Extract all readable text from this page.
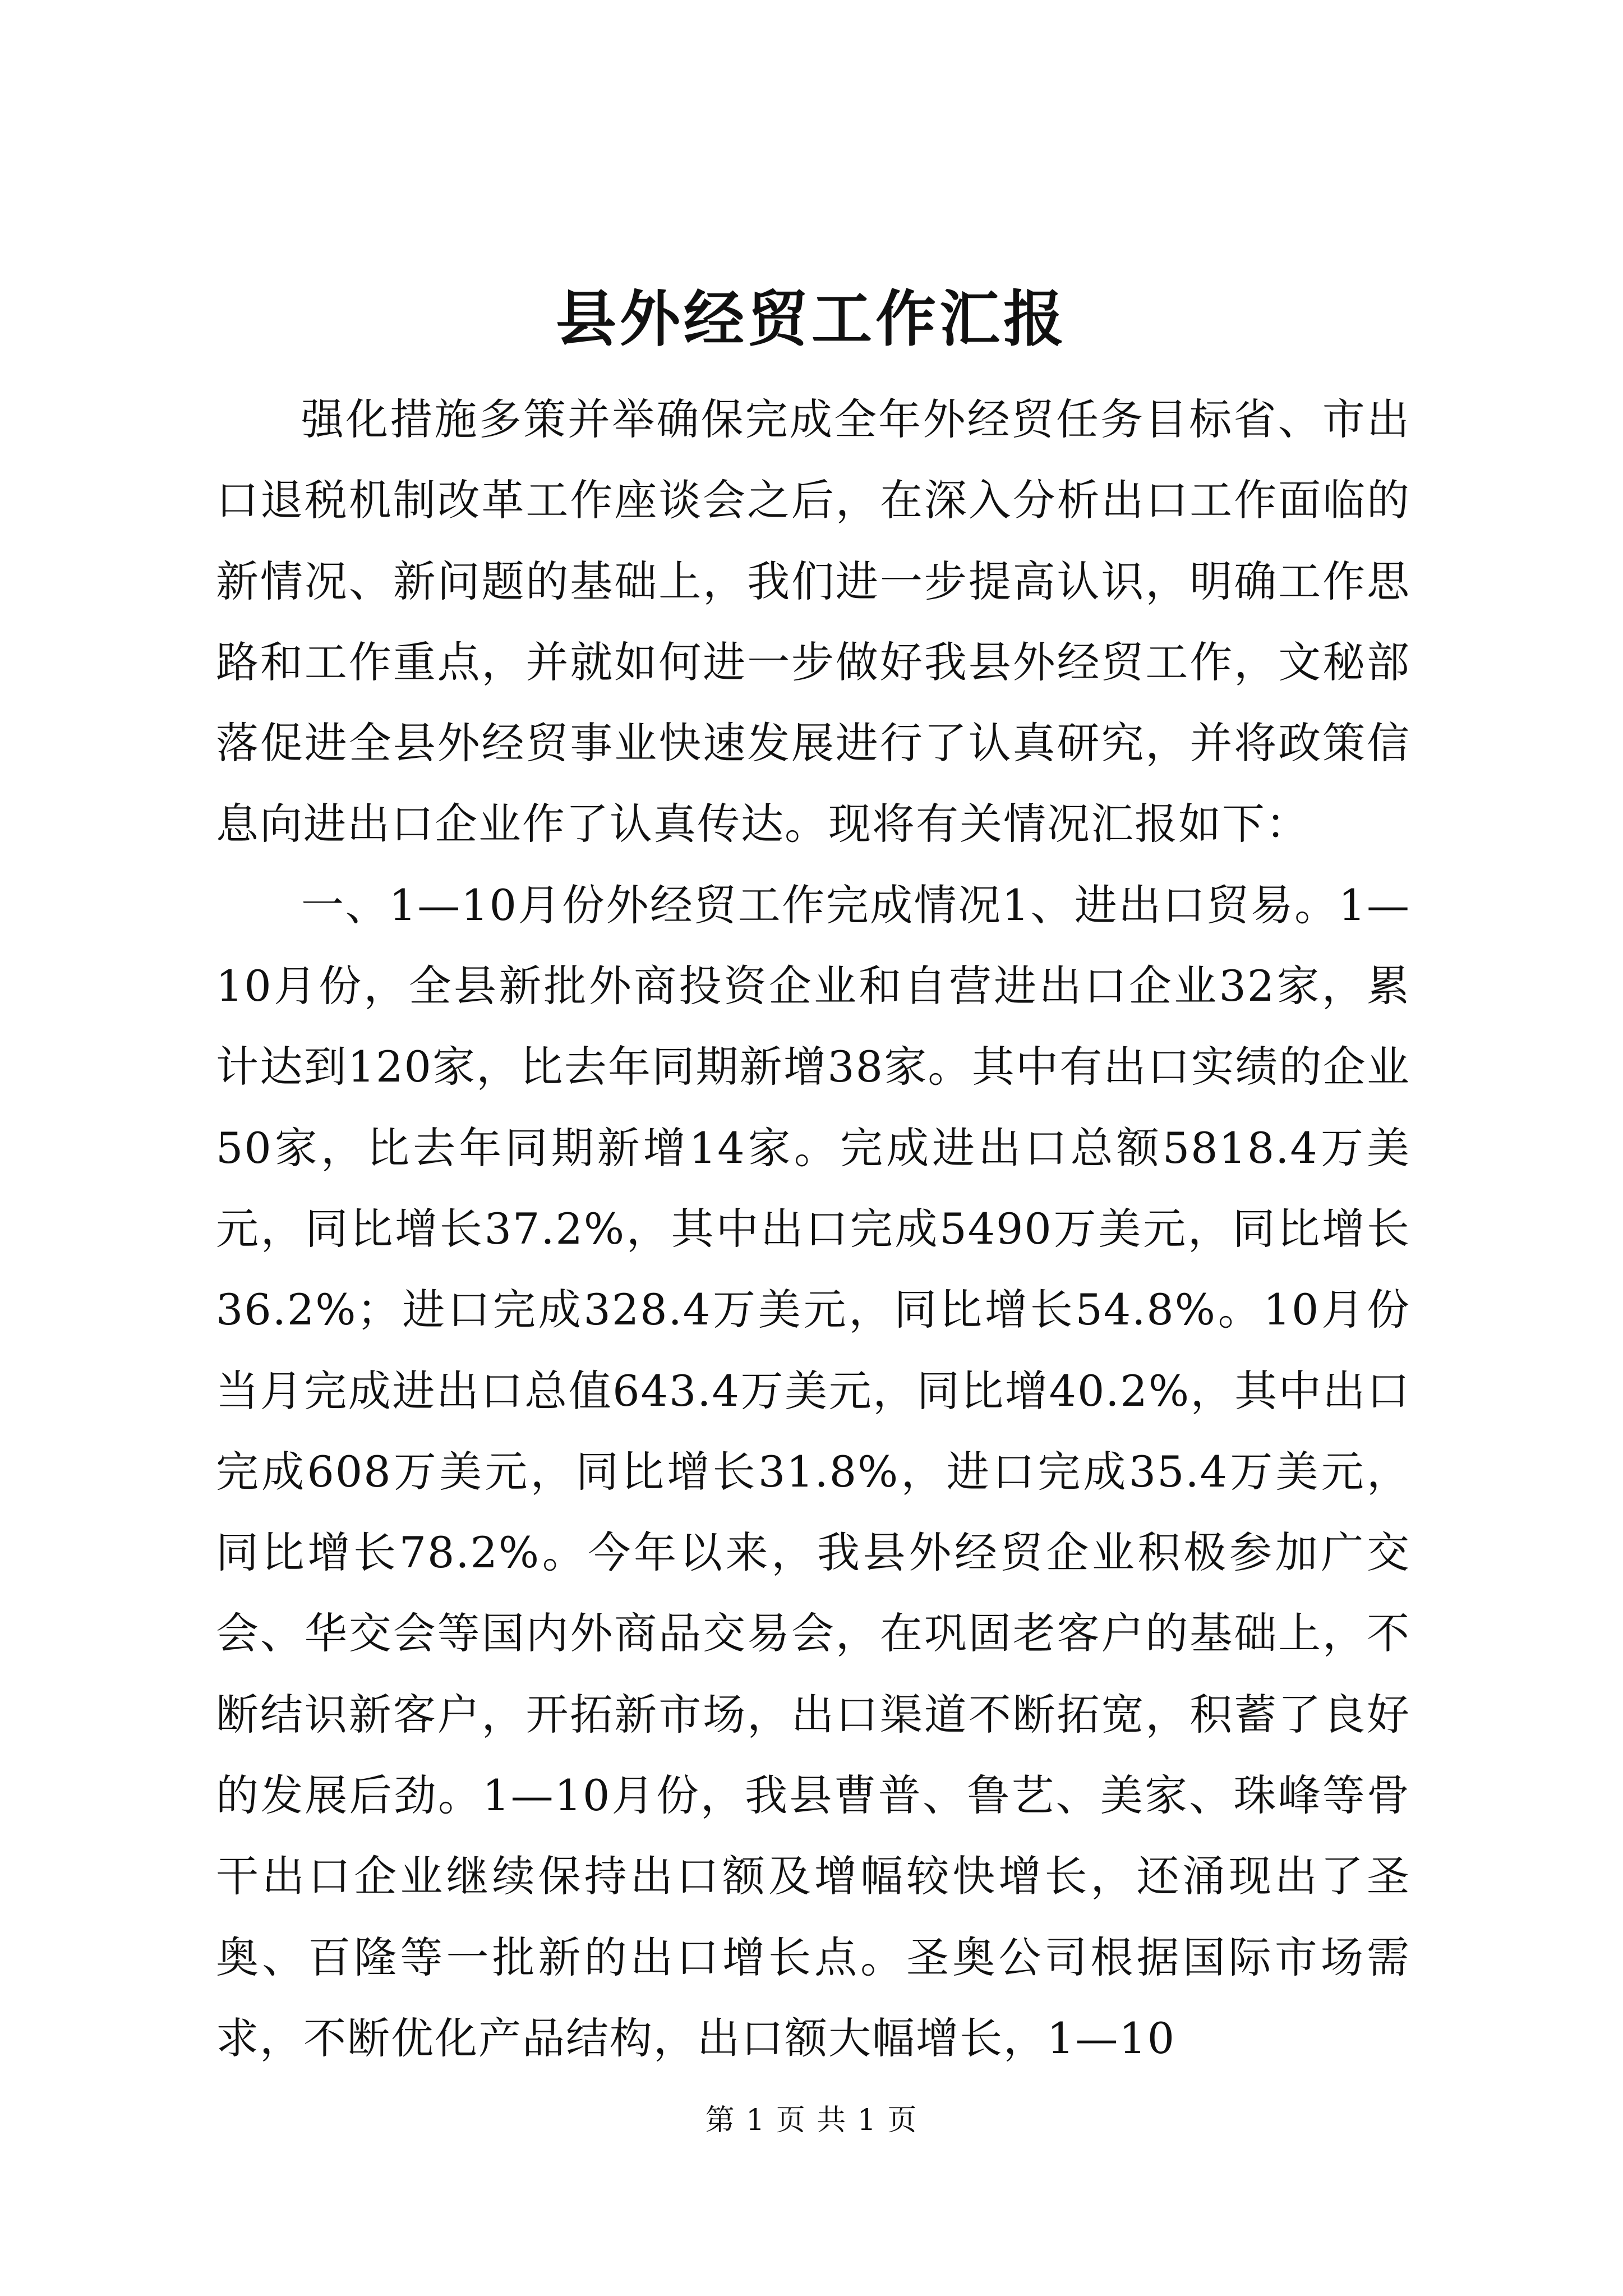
县外经贸工作汇报

强化措施多策并举确保完成全年外经贸任务目标省、市出口退税机制改革工作座谈会之后，在深入分析出口工作面临的新情况、新问题的基础上，我们进一步提高认识，明确工作思路和工作重点，并就如何进一步做好我县外经贸工作，文秘部落促进全县外经贸事业快速发展进行了认真研究，并将政策信息向进出口企业作了认真传达。现将有关情况汇报如下：

一、1—10月份外经贸工作完成情况1、进出口贸易。1—10月份，全县新批外商投资企业和自营进出口企业32家，累计达到120家，比去年同期新增38家。其中有出口实绩的企业50家，比去年同期新增14家。完成进出口总额5818.4万美元，同比增长37.2%，其中出口完成5490万美元，同比增长36.2%；进口完成328.4万美元，同比增长54.8%。10月份当月完成进出口总值643.4万美元，同比增40.2%，其中出口完成608万美元，同比增长31.8%，进口完成35.4万美元，同比增长78.2%。今年以来，我县外经贸企业积极参加广交会、华交会等国内外商品交易会，在巩固老客户的基础上，不断结识新客户，开拓新市场，出口渠道不断拓宽，积蓄了良好的发展后劲。1—10月份，我县曹普、鲁艺、美家、珠峰等骨干出口企业继续保持出口额及增幅较快增长，还涌现出了圣奥、百隆等一批新的出口增长点。圣奥公司根据国际市场需求，不断优化产品结构，出口额大幅增长，1—10

第 1 页 共 1 页
